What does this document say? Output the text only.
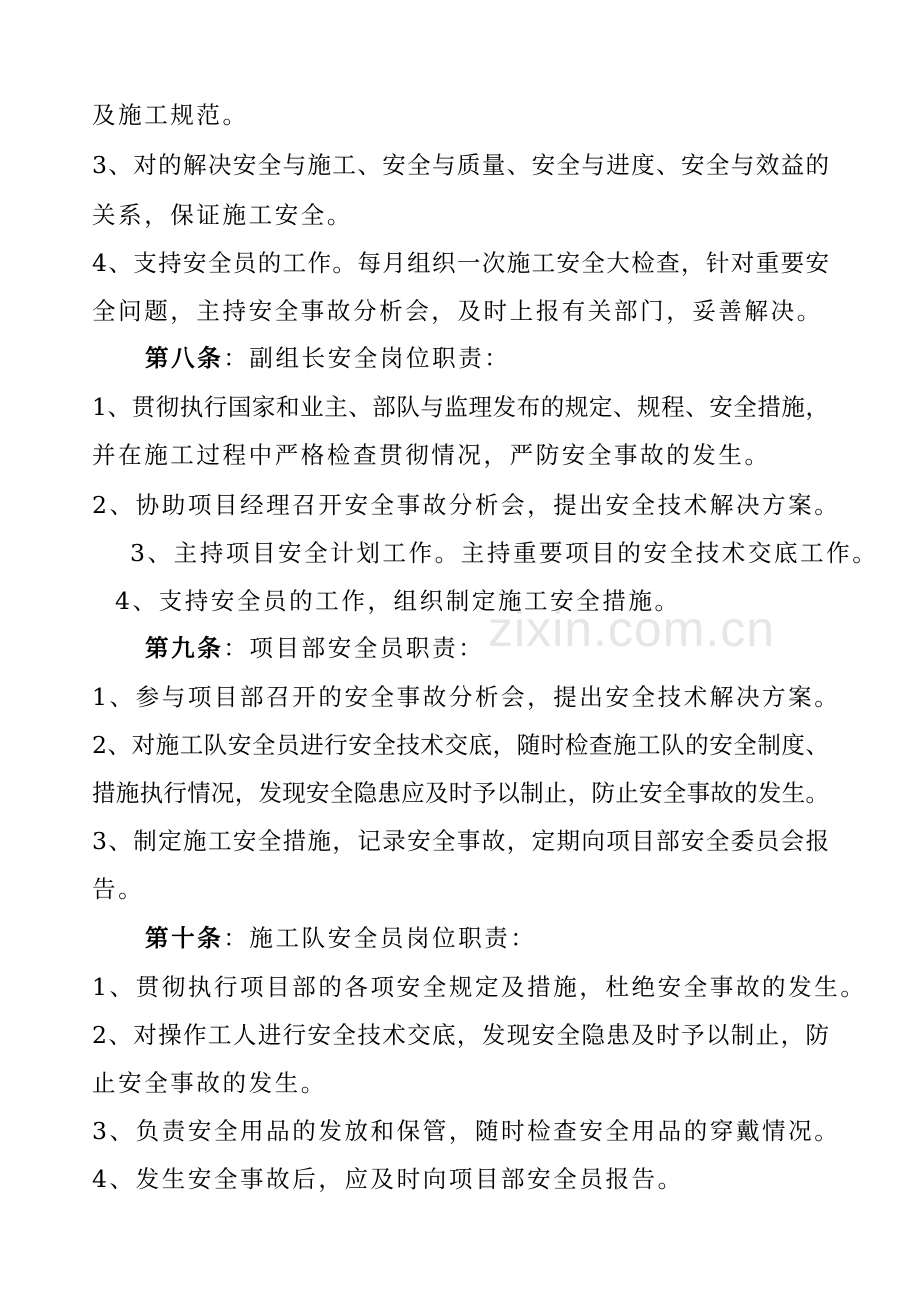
zixin.com.cn
及施工规范。
3、对的解决安全与施工、安全与质量、安全与进度、安全与效益的
关系，保证施工安全。
4、支持安全员的工作。每月组织一次施工安全大检查，针对重要安
全问题，主持安全事故分析会，及时上报有关部门，妥善解决。
第八条：副组长安全岗位职责：
1、贯彻执行国家和业主、部队与监理发布的规定、规程、安全措施，
并在施工过程中严格检查贯彻情况，严防安全事故的发生。
2、协助项目经理召开安全事故分析会，提出安全技术解决方案。
3、主持项目安全计划工作。主持重要项目的安全技术交底工作。
4、支持安全员的工作，组织制定施工安全措施。
第九条：项目部安全员职责：
1、参与项目部召开的安全事故分析会，提出安全技术解决方案。
2、对施工队安全员进行安全技术交底，随时检查施工队的安全制度、
措施执行情况，发现安全隐患应及时予以制止，防止安全事故的发生。
3、制定施工安全措施，记录安全事故，定期向项目部安全委员会报
告。
第十条：施工队安全员岗位职责：
1、贯彻执行项目部的各项安全规定及措施，杜绝安全事故的发生。
2、对操作工人进行安全技术交底，发现安全隐患及时予以制止，防
止安全事故的发生。
3、负责安全用品的发放和保管，随时检查安全用品的穿戴情况。
4、发生安全事故后，应及时向项目部安全员报告。
